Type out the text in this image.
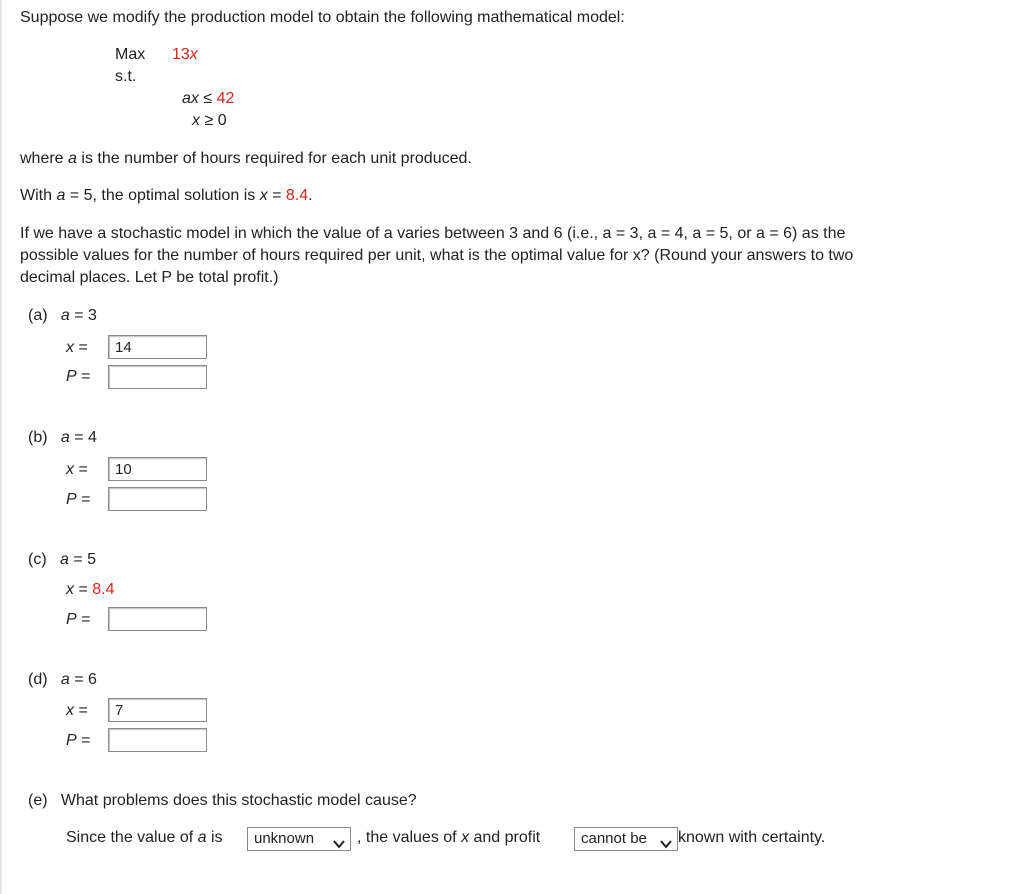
Suppose we modify the production model to obtain the following mathematical model:
Max 13x
s.t.
ax ≤ 42
x ≥ 0
where a is the number of hours required for each unit produced.
With a = 5, the optimal solution is x = 8.4.
If we have a stochastic model in which the value of a varies between 3 and 6 (i.e., a = 3, a = 4, a = 5, or a = 6) as the
possible values for the number of hours required per unit, what is the optimal value for x? (Round your answers to two
decimal places. Let P be total profit.)
(a) a = 3
x =	14
P =
(b) a = 4
x =	10
P =
(c) a = 5
x = 8.4
P =
(d) a = 6
x =	7
P =
(e) What problems does this stochastic model cause?
Since the value of a is	unknown	, the values of x and profit	cannot be	known with certainty.
